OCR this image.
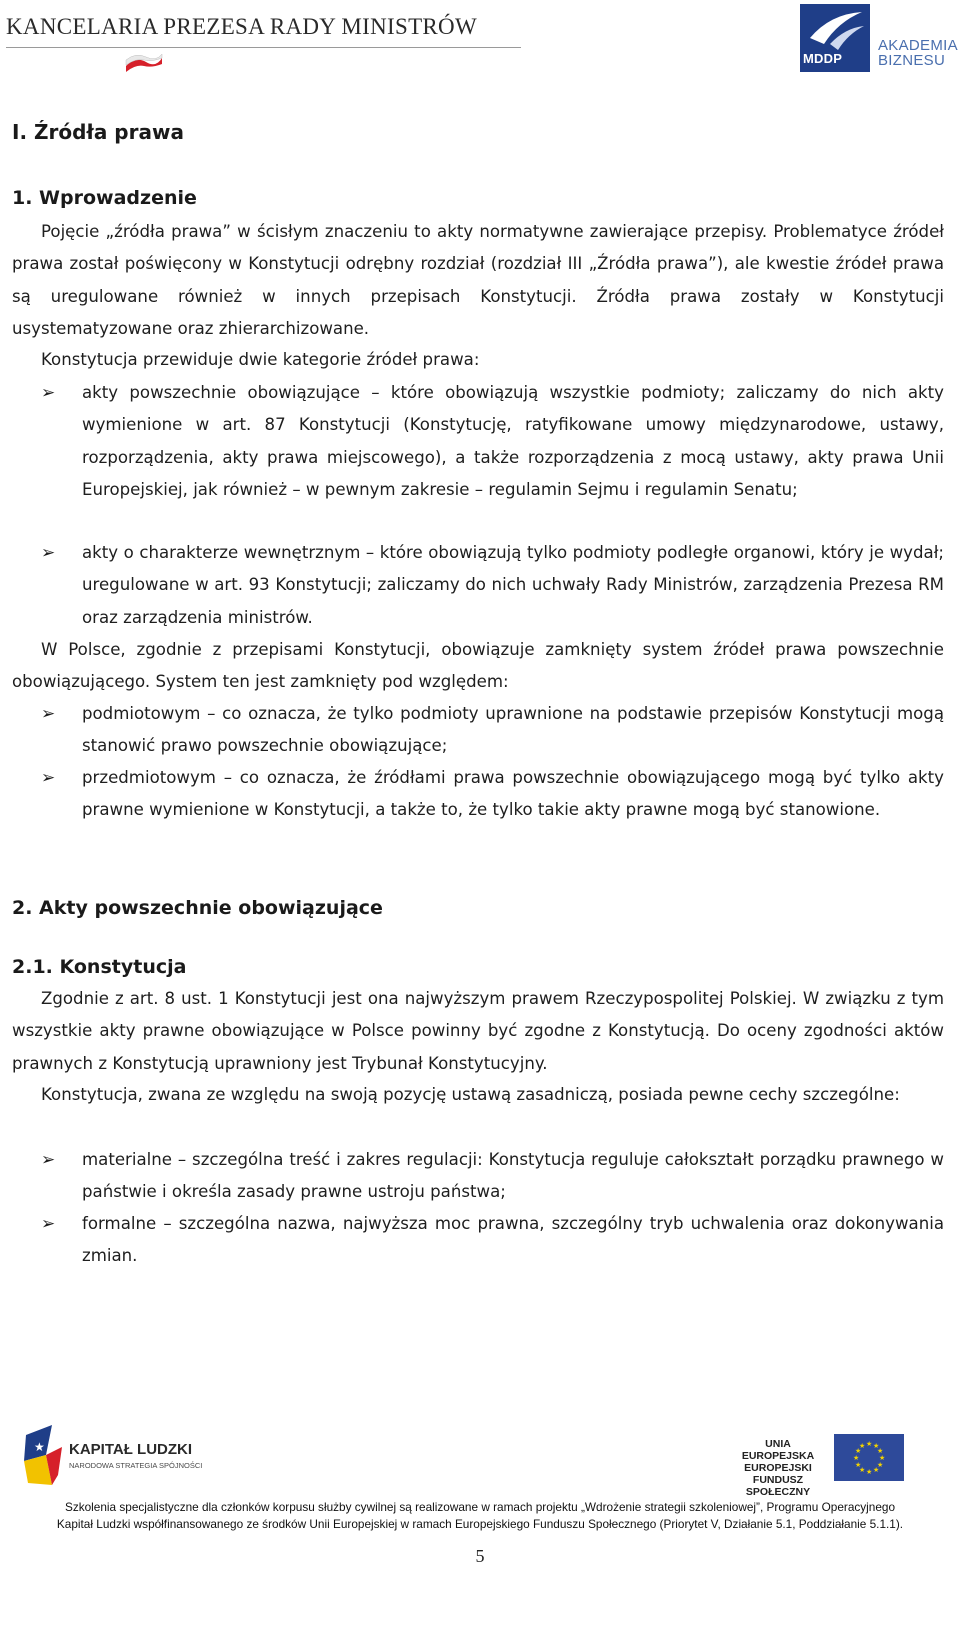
KANCELARIA PREZESA RADY MINISTRÓW
MDDP
AKADEMIA
BIZNESU
I. Źródła prawa
1. Wprowadzenie

Pojęcie „źródła prawa” w ścisłym znaczeniu to akty normatywne zawierające przepisy. Problematyce źródeł prawa został poświęcony w Konstytucji odrębny rozdział (rozdział III „Źródła prawa”), ale kwestie źródeł prawa są uregulowane również w innych przepisach Konstytucji. Źródła prawa zostały w Konstytucji usystematyzowane oraz zhierarchizowane.

Konstytucja przewiduje dwie kategorie źródeł prawa:

➢ akty powszechnie obowiązujące – które obowiązują wszystkie podmioty; zaliczamy do nich akty wymienione w art. 87 Konstytucji (Konstytucję, ratyfikowane umowy międzynarodowe, ustawy, rozporządzenia, akty prawa miejscowego), a także rozporządzenia z mocą ustawy, akty prawa Unii Europejskiej, jak również – w pewnym zakresie – regulamin Sejmu i regulamin Senatu;

➢ akty o charakterze wewnętrznym – które obowiązują tylko podmioty podległe organowi, który je wydał; uregulowane w art. 93 Konstytucji; zaliczamy do nich uchwały Rady Ministrów, zarządzenia Prezesa RM oraz zarządzenia ministrów.

W Polsce, zgodnie z przepisami Konstytucji, obowiązuje zamknięty system źródeł prawa powszechnie obowiązującego. System ten jest zamknięty pod względem:

➢ podmiotowym – co oznacza, że tylko podmioty uprawnione na podstawie przepisów Konstytucji mogą stanowić prawo powszechnie obowiązujące;

➢ przedmiotowym – co oznacza, że źródłami prawa powszechnie obowiązującego mogą być tylko akty prawne wymienione w Konstytucji, a także to, że tylko takie akty prawne mogą być stanowione.

2. Akty powszechnie obowiązujące
2.1. Konstytucja

Zgodnie z art. 8 ust. 1 Konstytucji jest ona najwyższym prawem Rzeczypospolitej Polskiej. W związku z tym wszystkie akty prawne obowiązujące w Polsce powinny być zgodne z Konstytucją. Do oceny zgodności aktów prawnych z Konstytucją uprawniony jest Trybunał Konstytucyjny.

Konstytucja, zwana ze względu na swoją pozycję ustawą zasadniczą, posiada pewne cechy szczególne:

➢ materialne – szczególna treść i zakres regulacji: Konstytucja reguluje całokształt porządku prawnego w państwie i określa zasady prawne ustroju państwa;

➢ formalne – szczególna nazwa, najwyższa moc prawna, szczególny tryb uchwalenia oraz dokonywania zmian.

★ KAPITAŁ LUDZKI
NARODOWA STRATEGIA SPÓJNOŚCI
UNIA EUROPEJSKA
EUROPEJSKI
FUNDUSZ SPOŁECZNY
★ ★
★
★
★
★
★
★
★
★
★
★
Szkolenia specjalistyczne dla członków korpusu służby cywilnej są realizowane w ramach projektu „Wdrożenie strategii szkoleniowej”, Programu Operacyjnego
Kapitał Ludzki współfinansowanego ze środków Unii Europejskiej w ramach Europejskiego Funduszu Społecznego (Priorytet V, Działanie 5.1, Poddziałanie 5.1.1).
5
